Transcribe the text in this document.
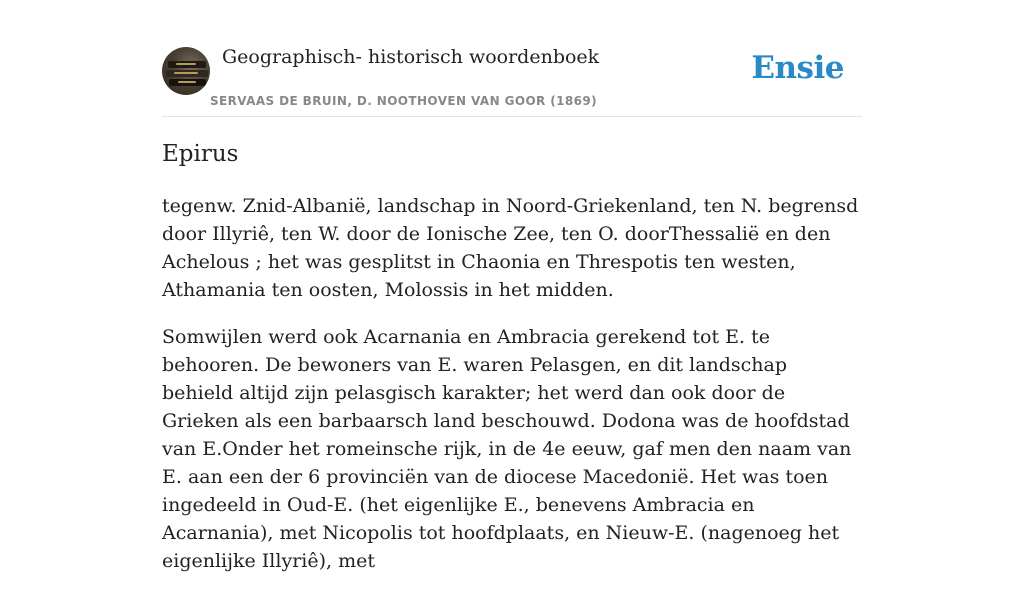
Geographisch- historisch woordenboek
SERVAAS DE BRUIN, D. NOOTHOVEN VAN GOOR (1869)
Ensie
Epirus

tegenw. Znid-Albanië, landschap in Noord-Griekenland, ten N. begrensd door Illyriê, ten W. door de Ionische Zee, ten O. doorThessalië en den Achelous ; het was gesplitst in Chaonia en Threspotis ten westen, Athamania ten oosten, Molossis in het midden.

Somwijlen werd ook Acarnania en Ambracia gerekend tot E. te behooren. De bewoners van E. waren Pelasgen, en dit landschap behield altijd zijn pelasgisch karakter; het werd dan ook door de Grieken als een barbaarsch land beschouwd. Dodona was de hoofdstad van E.Onder het romeinsche rijk, in de 4e eeuw, gaf men den naam van E. aan een der 6 provinciën van de diocese Macedonië. Het was toen ingedeeld in Oud-E. (het eigenlijke E., benevens Ambracia en Acarnania), met Nicopolis tot hoofdplaats, en Nieuw-E. (nagenoeg het eigenlijke Illyriê), met
